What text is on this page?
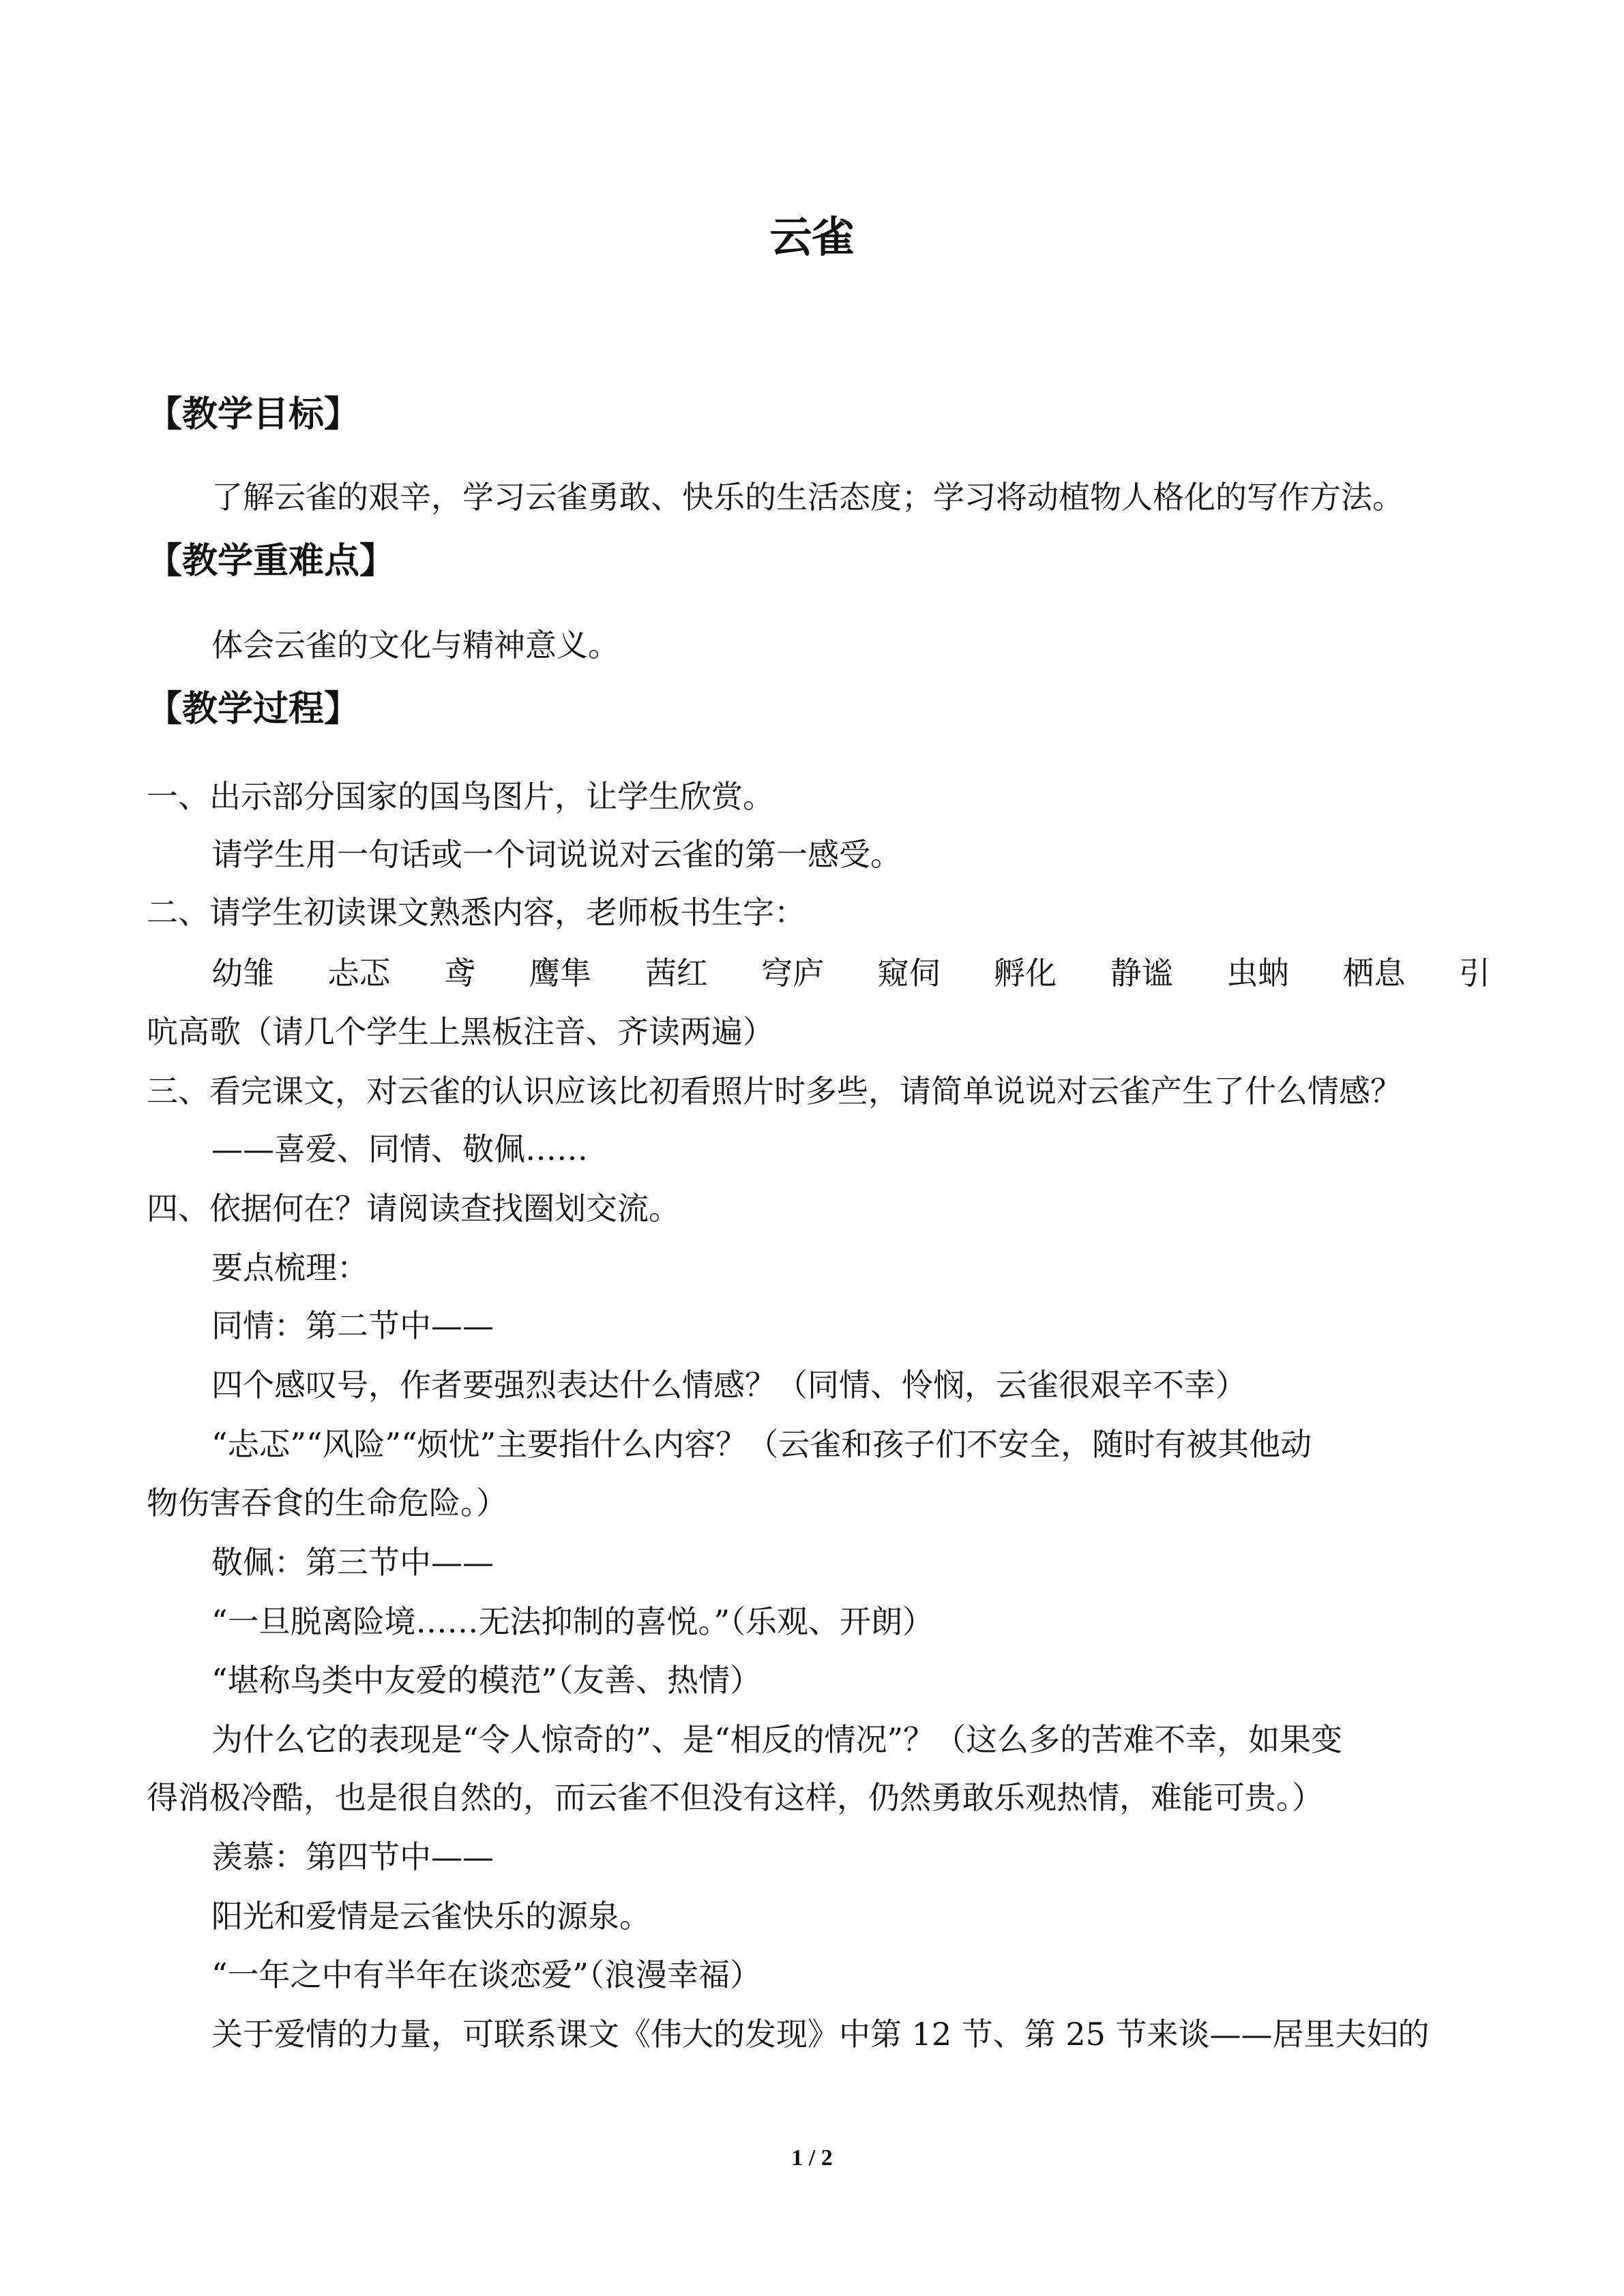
云雀
【教学目标】

了解云雀的艰辛，学习云雀勇敢、快乐的生活态度；学习将动植物人格化的写作方法。

【教学重难点】

体会云雀的文化与精神意义。

【教学过程】

一、出示部分国家的国鸟图片，让学生欣赏。

请学生用一句话或一个词说说对云雀的第一感受。

二、请学生初读课文熟悉内容，老师板书生字：

幼雏 忐忑 鸢 鹰隼 茜红 穹庐 窥伺 孵化 静谧 虫蚋 栖息 引

吭高歌（请几个学生上黑板注音、齐读两遍）

三、看完课文，对云雀的认识应该比初看照片时多些，请简单说说对云雀产生了什么情感？

——喜爱、同情、敬佩……

四、依据何在？请阅读查找圈划交流。

要点梳理：

同情：第二节中——

四个感叹号，作者要强烈表达什么情感？（同情、怜悯，云雀很艰辛不幸）

“忐忑”“风险”“烦忧”主要指什么内容？（云雀和孩子们不安全，随时有被其他动

物伤害吞食的生命危险。）

敬佩：第三节中——

“一旦脱离险境……无法抑制的喜悦。”（乐观、开朗）

“堪称鸟类中友爱的模范”（友善、热情）

为什么它的表现是“令人惊奇的”、是“相反的情况”？（这么多的苦难不幸，如果变

得消极冷酷，也是很自然的，而云雀不但没有这样，仍然勇敢乐观热情，难能可贵。）

羡慕：第四节中——

阳光和爱情是云雀快乐的源泉。

“一年之中有半年在谈恋爱”（浪漫幸福）

关于爱情的力量，可联系课文《伟大的发现》中第 12 节、第 25 节来谈——居里夫妇的

1 / 2
